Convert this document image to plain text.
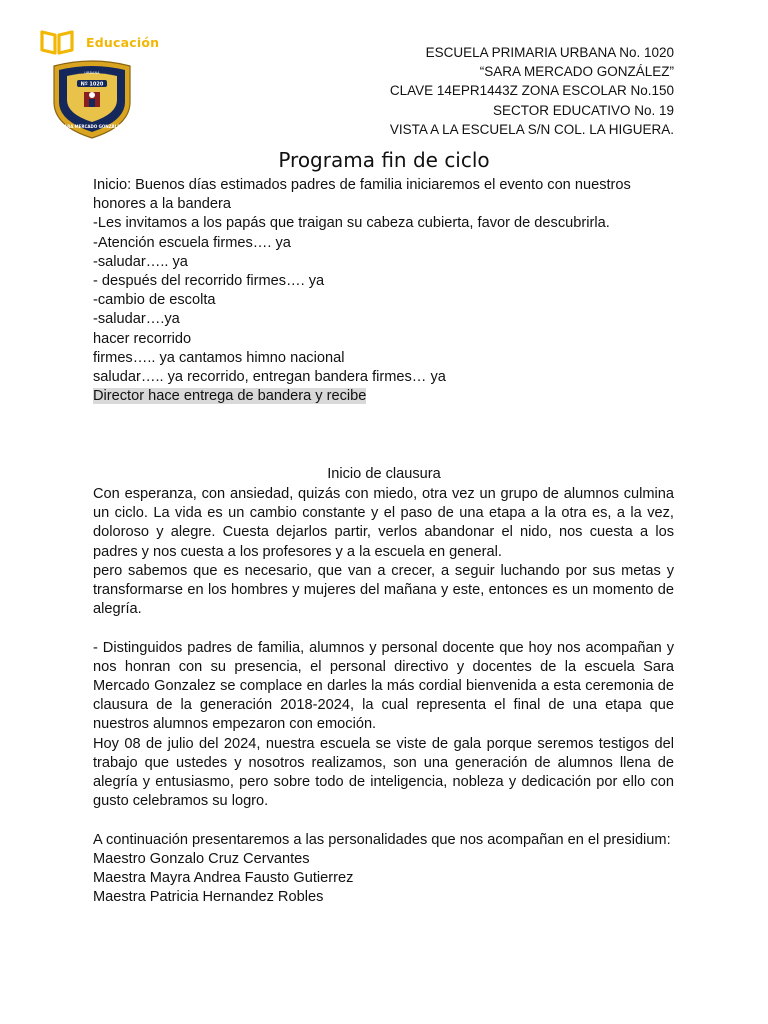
Educación
Nº 1020
URBANA
SARA MERCADO GONZÁLEZ
ESCUELA PRIMARIA URBANA No. 1020
“SARA MERCADO GONZÁLEZ”
CLAVE 14EPR1443Z ZONA ESCOLAR No.150
SECTOR EDUCATIVO No. 19
VISTA A LA ESCUELA S/N COL. LA HIGUERA.
Programa fin de ciclo
Inicio: Buenos días estimados padres de familia iniciaremos el evento con nuestros honores a la bandera
-Les invitamos a los papás que traigan su cabeza cubierta, favor de descubrirla.
-Atención escuela firmes…. ya
-saludar….. ya
- después del recorrido firmes…. ya
-cambio de escolta
-saludar….ya
hacer recorrido
firmes….. ya cantamos himno nacional
saludar….. ya recorrido, entregan bandera firmes… ya
Director hace entrega de bandera y recibe
Inicio de clausura

Con esperanza, con ansiedad, quizás con miedo, otra vez un grupo de alumnos culmina un ciclo. La vida es un cambio constante y el paso de una etapa a la otra es, a la vez, doloroso y alegre. Cuesta dejarlos partir, verlos abandonar el nido, nos cuesta a los padres y nos cuesta a los profesores y a la escuela en general.

pero sabemos que es necesario, que van a crecer, a seguir luchando por sus metas y transformarse en los hombres y mujeres del mañana y este, entonces es un momento de alegría.

- Distinguidos padres de familia, alumnos y personal docente que hoy nos acompañan y nos honran con su presencia, el personal directivo y docentes de la escuela Sara Mercado Gonzalez se complace en darles la más cordial bienvenida a esta ceremonia de clausura de la generación 2018-2024, la cual representa el final de una etapa que nuestros alumnos empezaron con emoción.

Hoy 08 de julio del 2024, nuestra escuela se viste de gala porque seremos testigos del trabajo que ustedes y nosotros realizamos, son una generación de alumnos llena de alegría y entusiasmo, pero sobre todo de inteligencia, nobleza y dedicación por ello con gusto celebramos su logro.

A continuación presentaremos a las personalidades que nos acompañan en el presidium:

Maestro Gonzalo Cruz Cervantes
Maestra Mayra Andrea Fausto Gutierrez
Maestra Patricia Hernandez Robles
